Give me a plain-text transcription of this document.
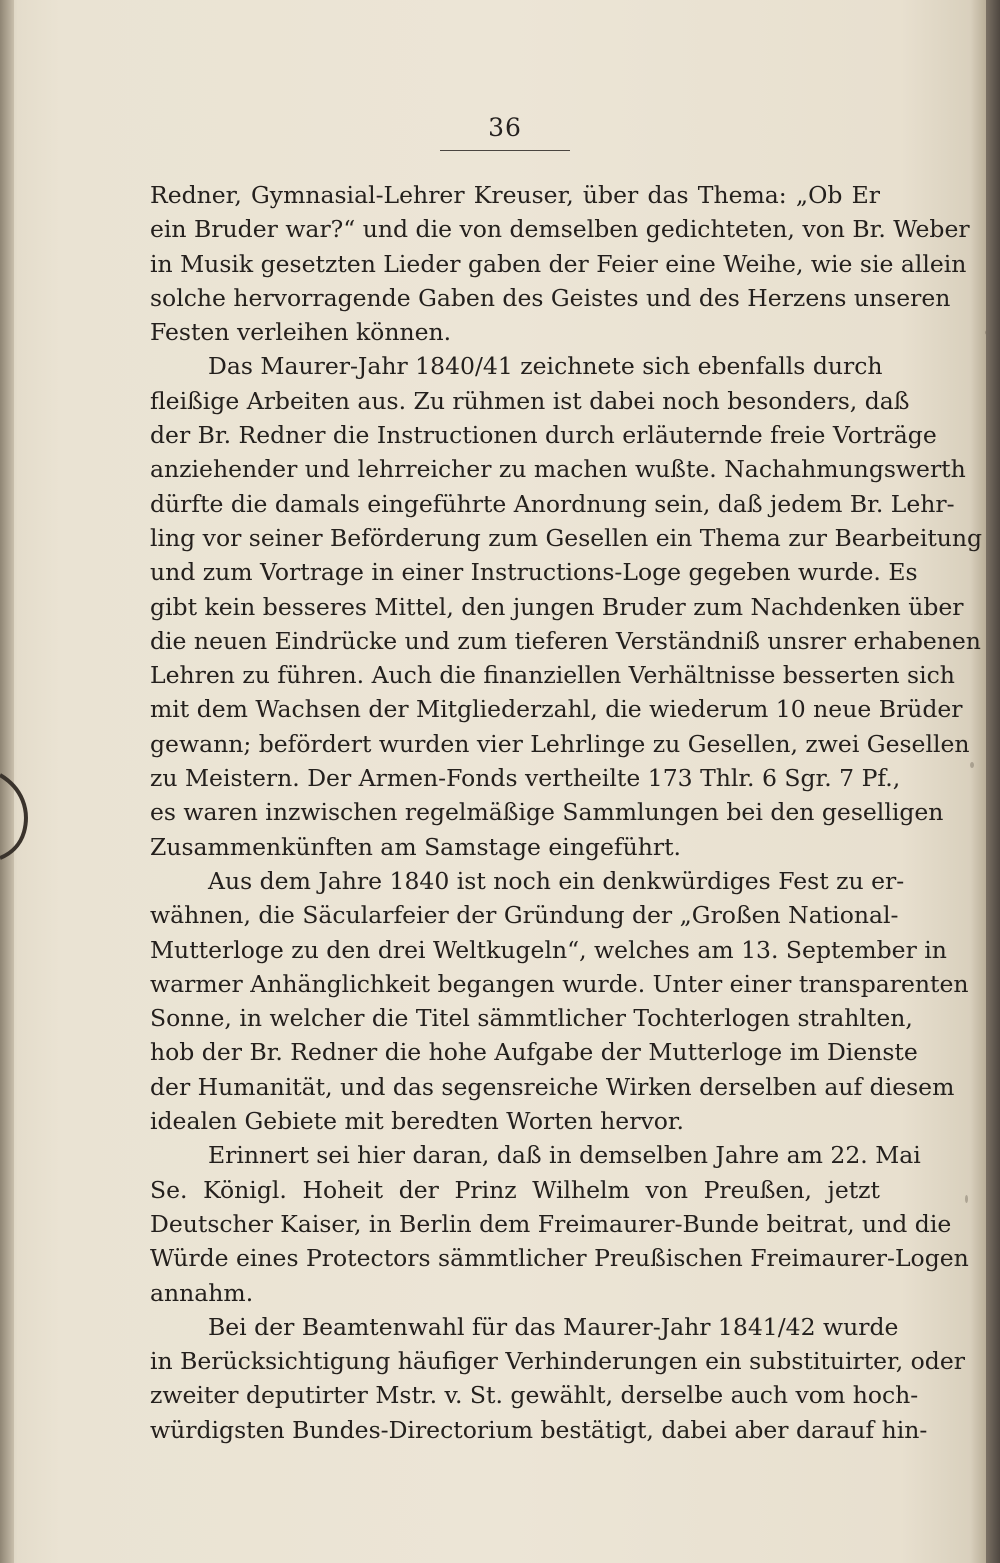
36
Redner, Gymnasial-Lehrer Kreuser, über das Thema: „Ob Er
ein Bruder war?“ und die von demselben gedichteten, von Br. Weber
in Musik gesetzten Lieder gaben der Feier eine Weihe, wie sie allein
solche hervorragende Gaben des Geistes und des Herzens unseren
Festen verleihen können.
Das Maurer-Jahr 1840/41 zeichnete sich ebenfalls durch
fleißige Arbeiten aus. Zu rühmen ist dabei noch besonders, daß
der Br. Redner die Instructionen durch erläuternde freie Vorträge
anziehender und lehrreicher zu machen wußte. Nachahmungswerth
dürfte die damals eingeführte Anordnung sein, daß jedem Br. Lehr-
ling vor seiner Beförderung zum Gesellen ein Thema zur Bearbeitung
und zum Vortrage in einer Instructions-Loge gegeben wurde. Es
gibt kein besseres Mittel, den jungen Bruder zum Nachdenken über
die neuen Eindrücke und zum tieferen Verständniß unsrer erhabenen
Lehren zu führen. Auch die finanziellen Verhältnisse besserten sich
mit dem Wachsen der Mitgliederzahl, die wiederum 10 neue Brüder
gewann; befördert wurden vier Lehrlinge zu Gesellen, zwei Gesellen
zu Meistern. Der Armen-Fonds vertheilte 173 Thlr. 6 Sgr. 7 Pf.,
es waren inzwischen regelmäßige Sammlungen bei den geselligen
Zusammenkünften am Samstage eingeführt.
Aus dem Jahre 1840 ist noch ein denkwürdiges Fest zu er-
wähnen, die Säcularfeier der Gründung der „Großen National-
Mutterloge zu den drei Weltkugeln“, welches am 13. September in
warmer Anhänglichkeit begangen wurde. Unter einer transparenten
Sonne, in welcher die Titel sämmtlicher Tochterlogen strahlten,
hob der Br. Redner die hohe Aufgabe der Mutterloge im Dienste
der Humanität, und das segensreiche Wirken derselben auf diesem
idealen Gebiete mit beredten Worten hervor.
Erinnert sei hier daran, daß in demselben Jahre am 22. Mai
Se. Königl. Hoheit der Prinz Wilhelm von Preußen, jetzt
Deutscher Kaiser, in Berlin dem Freimaurer-Bunde beitrat, und die
Würde eines Protectors sämmtlicher Preußischen Freimaurer-Logen
annahm.
Bei der Beamtenwahl für das Maurer-Jahr 1841/42 wurde
in Berücksichtigung häufiger Verhinderungen ein substituirter, oder
zweiter deputirter Mstr. v. St. gewählt, derselbe auch vom hoch-
würdigsten Bundes-Directorium bestätigt, dabei aber darauf hin-
